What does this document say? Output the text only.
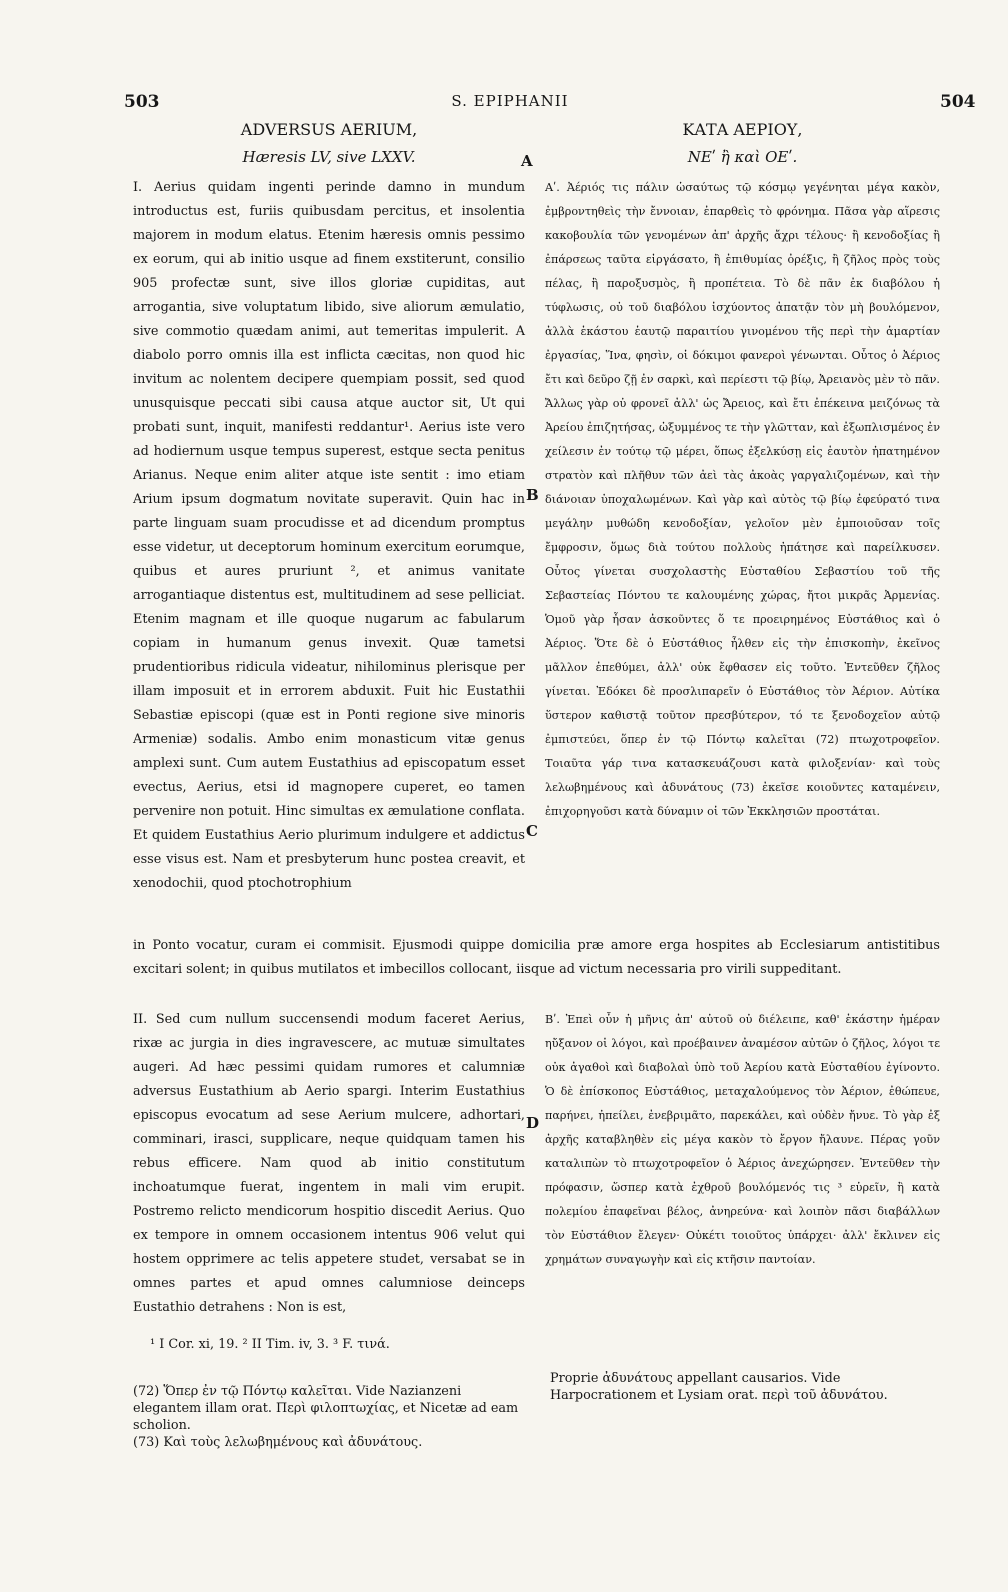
503	S. EPIPHANII	504
ADVERSUS AERIUM,
Hæresis LV, sive LXXV.
ΚΑΤΑ ΑΕΡΙΟΥ,
ΝΕʹ ἢ καὶ ΟΕʹ.
A
B
C
D

I. Aerius quidam ingenti perinde damno in mundum introductus est, furiis quibusdam percitus, et insolentia majorem in modum elatus. Etenim hæresis omnis pessimo ex eorum, qui ab initio usque ad finem exstiterunt, consilio 905 profectæ sunt, sive illos gloriæ cupiditas, aut arrogantia, sive voluptatum libido, sive aliorum æmulatio, sive commotio quædam animi, aut temeritas impulerit. A diabolo porro omnis illa est inflicta cæcitas, non quod hic invitum ac nolentem decipere quempiam possit, sed quod unusquisque peccati sibi causa atque auctor sit, Ut qui probati sunt, inquit, manifesti reddantur¹. Aerius iste vero ad hodiernum usque tempus superest, estque secta penitus Arianus. Neque enim aliter atque iste sentit : imo etiam Arium ipsum dogmatum novitate superavit. Quin hac in parte linguam suam procudisse et ad dicendum promptus esse videtur, ut deceptorum hominum exercitum eorumque, quibus et aures pruriunt ², et animus vanitate arrogantiaque distentus est, multitudinem ad sese pelliciat. Etenim magnam et ille quoque nugarum ac fabularum copiam in humanum genus invexit. Quæ tametsi prudentioribus ridicula videatur, nihilominus plerisque per illam imposuit et in errorem abduxit. Fuit hic Eustathii Sebastiæ episcopi (quæ est in Ponti regione sive minoris Armeniæ) sodalis. Ambo enim monasticum vitæ genus amplexi sunt. Cum autem Eustathius ad episcopatum esset evectus, Aerius, etsi id magnopere cuperet, eo tamen pervenire non potuit. Hinc simultas ex æmulatione conflata. Et quidem Eustathius Aerio plurimum indulgere et addictus esse visus est. Nam et presbyterum hunc postea creavit, et xenodochii, quod ptochotrophium

Αʹ. Ἀέριός τις πάλιν ὡσαύτως τῷ κόσμῳ γεγένηται μέγα κακὸν, ἐμβροντηθεὶς τὴν ἔννοιαν, ἐπαρθεὶς τὸ φρόνημα. Πᾶσα γὰρ αἵρεσις κακοβουλία τῶν γενομένων ἀπ' ἀρχῆς ἄχρι τέλους· ἢ κενοδοξίας ἢ ἐπάρσεως ταῦτα εἰργάσατο, ἢ ἐπιθυμίας ὀρέξις, ἢ ζῆλος πρὸς τοὺς πέλας, ἢ παροξυσμὸς, ἢ προπέτεια. Τὸ δὲ πᾶν ἐκ διαβόλου ἡ τύφλωσις, οὐ τοῦ διαβόλου ἰσχύοντος ἀπατᾷν τὸν μὴ βουλόμενον, ἀλλὰ ἑκάστου ἑαυτῷ παραιτίου γινομένου τῆς περὶ τὴν ἁμαρτίαν ἐργασίας, Ἵνα, φησὶν, οἱ δόκιμοι φανεροὶ γένωνται. Οὗτος ὁ Ἀέριος ἔτι καὶ δεῦρο ζῇ ἐν σαρκὶ, καὶ περίεστι τῷ βίῳ, Ἀρειανὸς μὲν τὸ πᾶν. Ἄλλως γὰρ οὐ φρονεῖ ἀλλ' ὡς Ἄρειος, καὶ ἔτι ἐπέκεινα μειζόνως τὰ Ἀρείου ἐπιζητήσας, ὠξυμμένος τε τὴν γλῶτταν, καὶ ἐξωπλισμένος ἐν χείλεσιν ἐν τούτῳ τῷ μέρει, ὅπως ἐξελκύσῃ εἰς ἑαυτὸν ἠπατημένον στρατὸν καὶ πλῆθυν τῶν ἀεὶ τὰς ἀκοὰς γαργαλιζομένων, καὶ τὴν διάνοιαν ὑποχαλωμένων. Καὶ γὰρ καὶ αὐτὸς τῷ βίῳ ἐφεύρατό τινα μεγάλην μυθώδη κενοδοξίαν, γελοῖον μὲν ἐμποιοῦσαν τοῖς ἔμφροσιν, ὅμως διὰ τούτου πολλοὺς ἠπάτησε καὶ παρείλκυσεν. Οὗτος γίνεται συσχολαστὴς Εὐσταθίου Σεβαστίου τοῦ τῆς Σεβαστείας Πόντου τε καλουμένης χώρας, ἤτοι μικρᾶς Ἀρμενίας. Ὁμοῦ γὰρ ἦσαν ἀσκοῦντες ὅ τε προειρημένος Εὐστάθιος καὶ ὁ Ἀέριος. Ὅτε δὲ ὁ Εὐστάθιος ἦλθεν εἰς τὴν ἐπισκοπὴν, ἐκεῖνος μᾶλλον ἐπεθύμει, ἀλλ' οὐκ ἔφθασεν εἰς τοῦτο. Ἐντεῦθεν ζῆλος γίνεται. Ἐδόκει δὲ προσλιπαρεῖν ὁ Εὐστάθιος τὸν Ἀέριον. Αὐτίκα ὕστερον καθιστᾷ τοῦτον πρεσβύτερον, τό τε ξενοδοχεῖον αὐτῷ ἐμπιστεύει, ὅπερ ἐν τῷ Πόντῳ καλεῖται (72) πτωχοτροφεῖον. Τοιαῦτα γάρ τινα κατασκευάζουσι κατὰ φιλοξενίαν· καὶ τοὺς λελωβημένους καὶ ἀδυνάτους (73) ἐκεῖσε κοιοῦντες καταμένειν, ἐπιχορηγοῦσι κατὰ δύναμιν οἱ τῶν Ἐκκλησιῶν προστάται.

in Ponto vocatur, curam ei commisit. Ejusmodi quippe domicilia præ amore erga hospites ab Ecclesiarum antistitibus excitari solent; in quibus mutilatos et imbecillos collocant, iisque ad victum necessaria pro virili suppeditant.

II. Sed cum nullum succensendi modum faceret Aerius, rixæ ac jurgia in dies ingravescere, ac mutuæ simultates augeri. Ad hæc pessimi quidam rumores et calumniæ adversus Eustathium ab Aerio spargi. Interim Eustathius episcopus evocatum ad sese Aerium mulcere, adhortari, comminari, irasci, supplicare, neque quidquam tamen his rebus efficere. Nam quod ab initio constitutum inchoatumque fuerat, ingentem in mali vim erupit. Postremo relicto mendicorum hospitio discedit Aerius. Quo ex tempore in omnem occasionem intentus 906 velut qui hostem opprimere ac telis appetere studet, versabat se in omnes partes et apud omnes calumniose deinceps Eustathio detrahens : Non is est,

Βʹ. Ἐπεὶ οὖν ἡ μῆνις ἀπ' αὐτοῦ οὐ διέλειπε, καθ' ἑκάστην ἡμέραν ηὔξανον οἱ λόγοι, καὶ προέβαινεν ἀναμέσον αὐτῶν ὁ ζῆλος, λόγοι τε οὐκ ἀγαθοὶ καὶ διαβολαὶ ὑπὸ τοῦ Ἀερίου κατὰ Εὐσταθίου ἐγίνοντο. Ὁ δὲ ἐπίσκοπος Εὐστάθιος, μεταχαλούμενος τὸν Ἀέριον, ἐθώπευε, παρήνει, ἠπείλει, ἐνεβριμᾶτο, παρεκάλει, καὶ οὐδὲν ἤνυε. Τὸ γὰρ ἐξ ἀρχῆς καταβληθὲν εἰς μέγα κακὸν τὸ ἔργον ἤλαυνε. Πέρας γοῦν καταλιπὼν τὸ πτωχοτροφεῖον ὁ Ἀέριος ἀνεχώρησεν. Ἐντεῦθεν τὴν πρόφασιν, ὥσπερ κατὰ ἐχθροῦ βουλόμενός τις ³ εὑρεῖν, ἢ κατὰ πολεμίου ἐπαφεῖναι βέλος, ἀνηρεύνα· καὶ λοιπὸν πᾶσι διαβάλλων τὸν Εὐστάθιον ἔλεγεν· Οὐκέτι τοιοῦτος ὑπάρχει· ἀλλ' ἔκλινεν εἰς χρημάτων συναγωγὴν καὶ εἰς κτῆσιν παντοίαν.

¹ I Cor. xi, 19. ² II Tim. iv, 3. ³ F. τινά.

(72) Ὅπερ ἐν τῷ Πόντῳ καλεῖται. Vide Nazianzeni elegantem illam orat. Περὶ φιλοπτωχίας, et Nicetæ ad eam scholion.

(73) Καὶ τοὺς λελωβημένους καὶ ἀδυνάτους.

Proprie ἀδυνάτους appellant causarios. Vide Harpocrationem et Lysiam orat. περὶ τοῦ ἀδυνάτου.
